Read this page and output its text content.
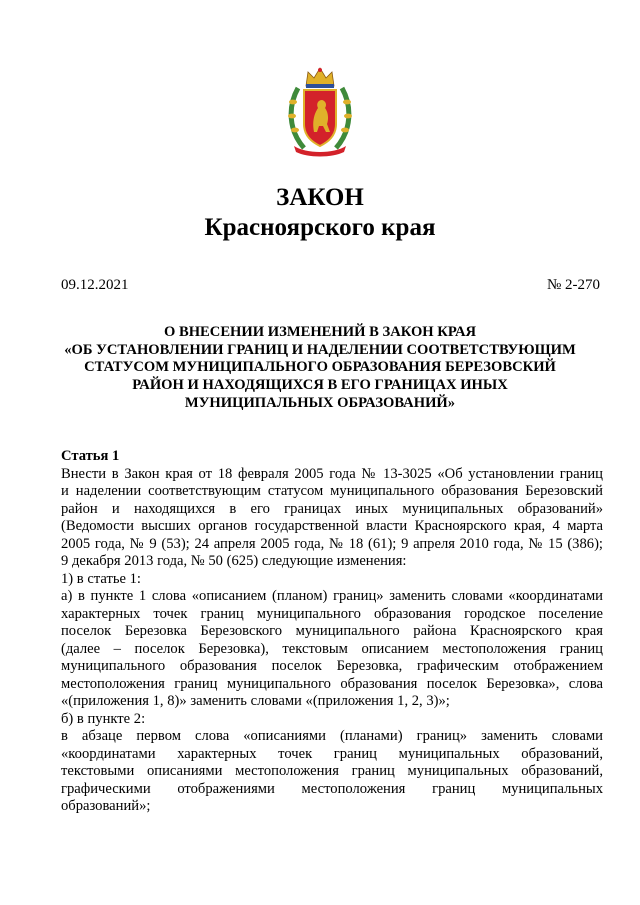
ЗАКОН
Красноярского края
09.12.2021	№ 2-270
О ВНЕСЕНИИ ИЗМЕНЕНИЙ В ЗАКОН КРАЯ
«ОБ УСТАНОВЛЕНИИ ГРАНИЦ И НАДЕЛЕНИИ СООТВЕТСТВУЮЩИМ
СТАТУСОМ МУНИЦИПАЛЬНОГО ОБРАЗОВАНИЯ БЕРЕЗОВСКИЙ
РАЙОН И НАХОДЯЩИХСЯ В ЕГО ГРАНИЦАХ ИНЫХ
МУНИЦИПАЛЬНЫХ ОБРАЗОВАНИЙ»
Статья 1
Внести в Закон края от 18 февраля 2005 года № 13-3025 «Об установлении границ
и наделении соответствующим статусом муниципального образования Березовский
район и находящихся в его границах иных муниципальных образований»
(Ведомости высших органов государственной власти Красноярского края, 4 марта
2005 года, № 9 (53); 24 апреля 2005 года, № 18 (61); 9 апреля 2010 года, № 15 (386);
9 декабря 2013 года, № 50 (625) следующие изменения:
1) в статье 1:
а) в пункте 1 слова «описанием (планом) границ» заменить словами «координатами
характерных точек границ муниципального образования городское поселение
поселок Березовка Березовского муниципального района Красноярского края
(далее – поселок Березовка), текстовым описанием местоположения границ
муниципального образования поселок Березовка, графическим отображением
местоположения границ муниципального образования поселок Березовка», слова
«(приложения 1, 8)» заменить словами «(приложения 1, 2, 3)»;
б) в пункте 2:
в абзаце первом слова «описаниями (планами) границ» заменить словами
«координатами характерных точек границ муниципальных образований,
текстовыми описаниями местоположения границ муниципальных образований,
графическими отображениями местоположения границ муниципальных
образований»;
